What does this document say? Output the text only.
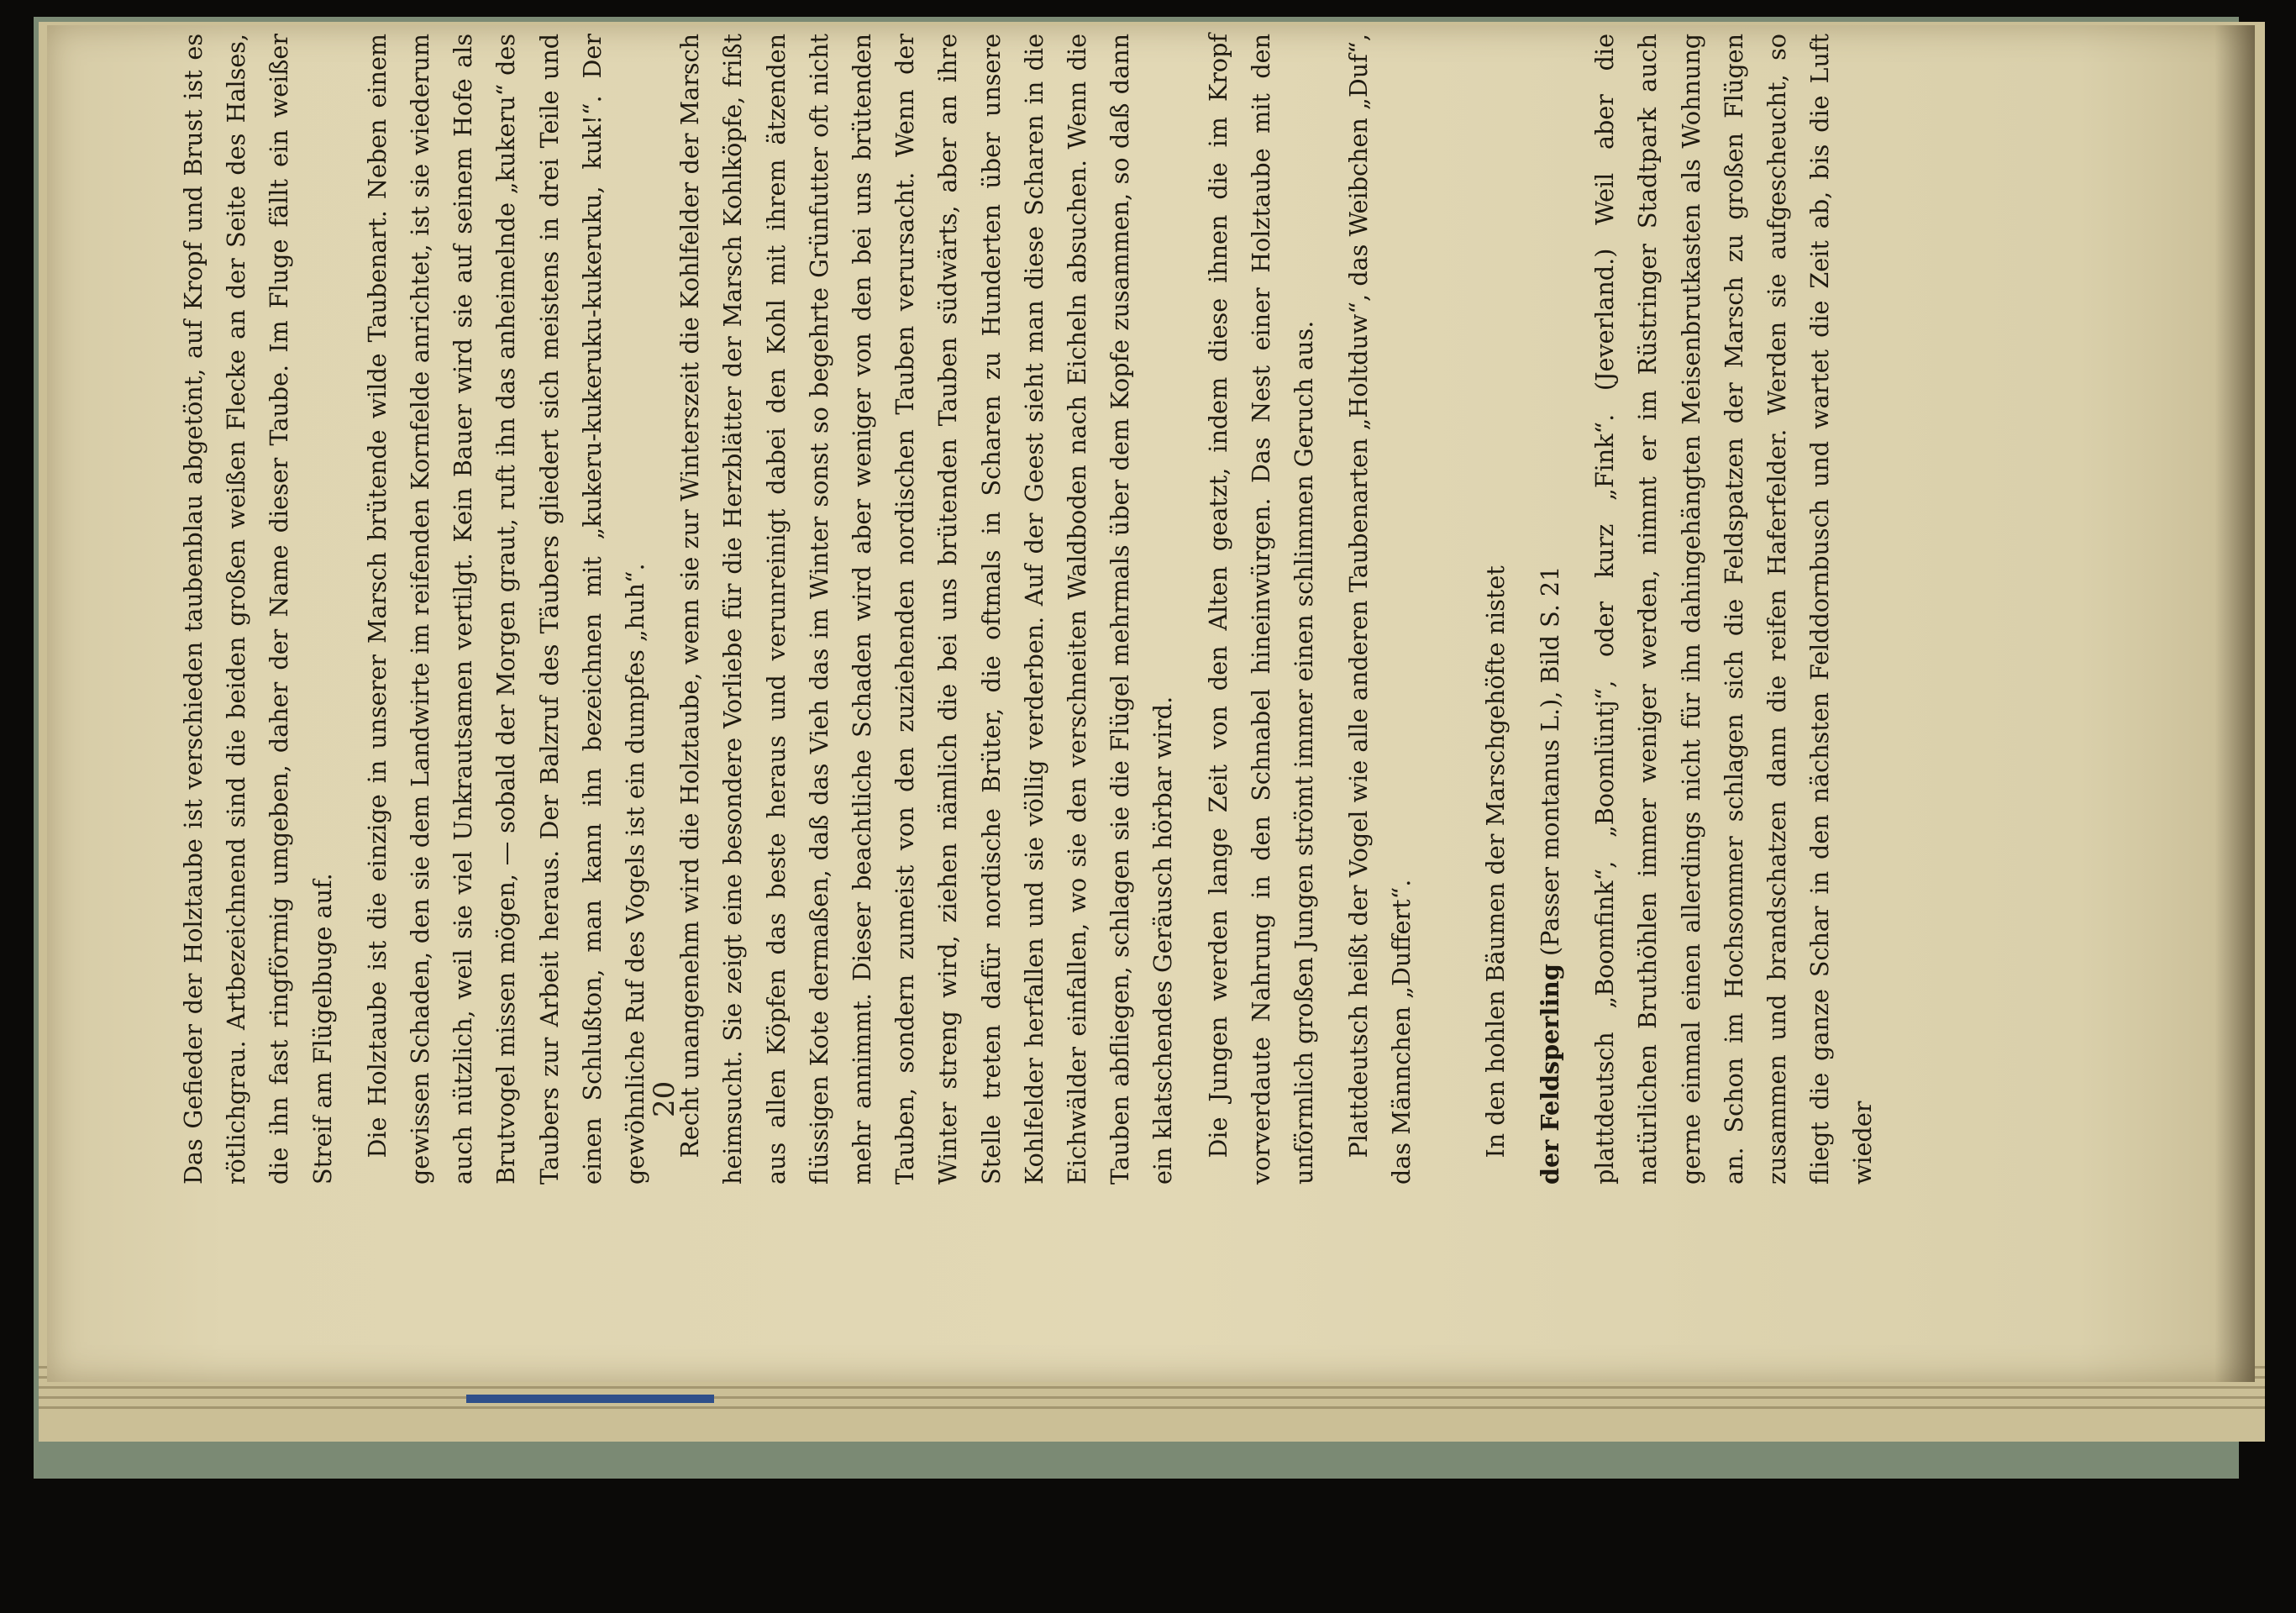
20

Das Gefieder der Holztaube ist verschieden taubenblau abgetönt, auf Kropf und Brust ist es rötlichgrau. Artbezeichnend sind die beiden großen weißen Flecke an der Seite des Halses, die ihn fast ringförmig umgeben, daher der Name dieser Taube. Im Fluge fällt ein weißer Streif am Flügelbuge auf.	Die Holztaube ist die einzige in unserer Marsch brütende wilde Taubenart. Neben einem gewissen Schaden, den sie dem Landwirte im reifenden Kornfelde anrichtet, ist sie wiederum auch nützlich, weil sie viel Unkrautsamen vertilgt. Kein Bauer wird sie auf seinem Hofe als Brutvogel missen mögen, — sobald der Morgen graut, ruft ihn das anheimelnde „kukeru“ des Taubers zur Arbeit heraus. Der Balzruf des Täubers gliedert sich meistens in drei Teile und einen Schlußton, man kann ihn bezeichnen mit „kukeru-kukeruku-kukeruku, kuk!“. Der gewöhnliche Ruf des Vogels ist ein dumpfes „huh“.	Recht unangenehm wird die Holztaube, wenn sie zur Winterszeit die Kohlfelder der Marsch heimsucht. Sie zeigt eine besondere Vorliebe für die Herzblätter der Marsch Kohlköpfe, frißt aus allen Köpfen das beste heraus und verunreinigt dabei den Kohl mit ihrem ätzenden flüssigen Kote dermaßen, daß das Vieh das im Winter sonst so begehrte Grünfutter oft nicht mehr annimmt. Dieser beachtliche Schaden wird aber weniger von den bei uns brütenden Tauben, sondern zumeist von den zuziehenden nordischen Tauben verursacht. Wenn der Winter streng wird, ziehen nämlich die bei uns brütenden Tauben südwärts, aber an ihre Stelle treten dafür nordische Brüter, die oftmals in Scharen zu Hunderten über unsere Kohlfelder herfallen und sie völlig verderben. Auf der Geest sieht man diese Scharen in die Eichwälder einfallen, wo sie den verschneiten Waldboden nach Eicheln absuchen. Wenn die Tauben abfliegen, schlagen sie die Flügel mehrmals über dem Kopfe zusammen, so daß dann ein klatschendes Geräusch hörbar wird.	Die Jungen werden lange Zeit von den Alten geatzt, indem diese ihnen die im Kropf vorverdaute Nahrung in den Schnabel hineinwürgen. Das Nest einer Holztaube mit den unförmlich großen Jungen strömt immer einen schlimmen Geruch aus.	Plattdeutsch heißt der Vogel wie alle anderen Taubenarten „Holtduw“, das Weibchen „Duf“, das Männchen „Duffert“.	In den hohlen Bäumen der Marschgehöfte nistet	der Feldsperling (Passer montanus L.), Bild S. 21	plattdeutsch „Boomfink“, „Boomlüntj“, oder kurz „Fink“. (Jeverland.) Weil aber die natürlichen Bruthöhlen immer weniger werden, nimmt er im Rüstringer Stadtpark auch gerne einmal einen allerdings nicht für ihn dahingehängten Meisenbrutkasten als Wohnung an. Schon im Hochsommer schlagen sich die Feldspatzen der Marsch zu großen Flügen zusammen und brandschatzen dann die reifen Haferfelder. Werden sie aufgescheucht, so fliegt die ganze Schar in den nächsten Felddornbusch und wartet die Zeit ab, bis die Luft wieder
